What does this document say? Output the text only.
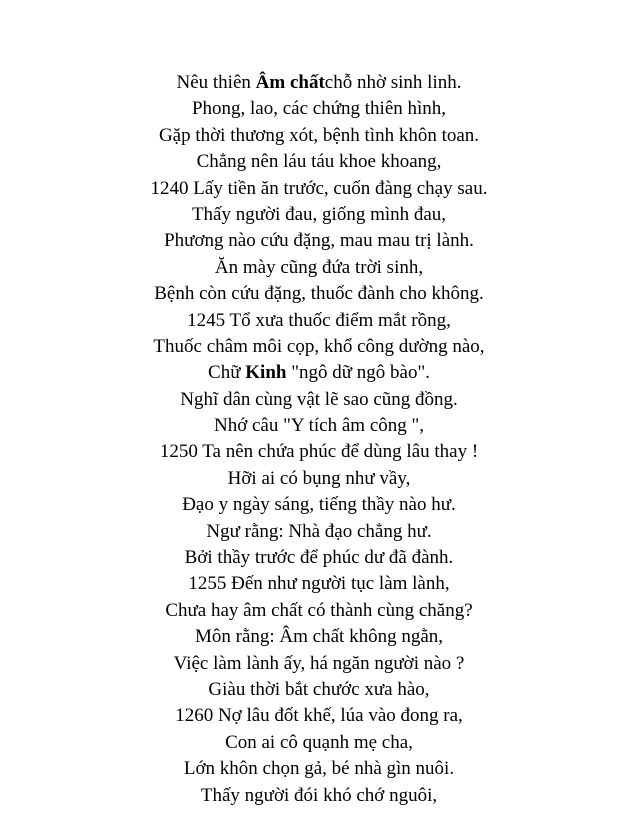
Nêu thiên Âm chấtchỗ nhờ sinh linh.
Phong, lao, các chứng thiên hình,
Gặp thời thương xót, bệnh tình khôn toan.
Chẳng nên láu táu khoe khoang,
1240 Lấy tiền ăn trước, cuốn đàng chạy sau.
Thấy người đau, giống mình đau,
Phương nào cứu đặng, mau mau trị lành.
Ăn mày cũng đứa trời sinh,
Bệnh còn cứu đặng, thuốc đành cho không.
1245 Tổ xưa thuốc điểm mắt rồng,
Thuốc châm môi cọp, khổ công dường nào,
Chữ Kinh "ngô dữ ngô bào".
Nghĩ dân cùng vật lẽ sao cũng đồng.
Nhớ câu "Y tích âm công ",
1250 Ta nên chứa phúc để dùng lâu thay !
Hỡi ai có bụng như vầy,
Đạo y ngày sáng, tiếng thầy nào hư.
Ngư rằng: Nhà đạo chẳng hư.
Bởi thầy trước để phúc dư đã đành.
1255 Đến như người tục làm lành,
Chưa hay âm chất có thành cùng chăng?
Môn rằng: Âm chất không ngằn,
Việc làm lành ấy, há ngăn người nào ?
Giàu thời bắt chước xưa hào,
1260 Nợ lâu đốt khế, lúa vào đong ra,
Con ai cô quạnh mẹ cha,
Lớn khôn chọn gả, bé nhà gìn nuôi.
Thấy người đói khó chớ nguôi,
